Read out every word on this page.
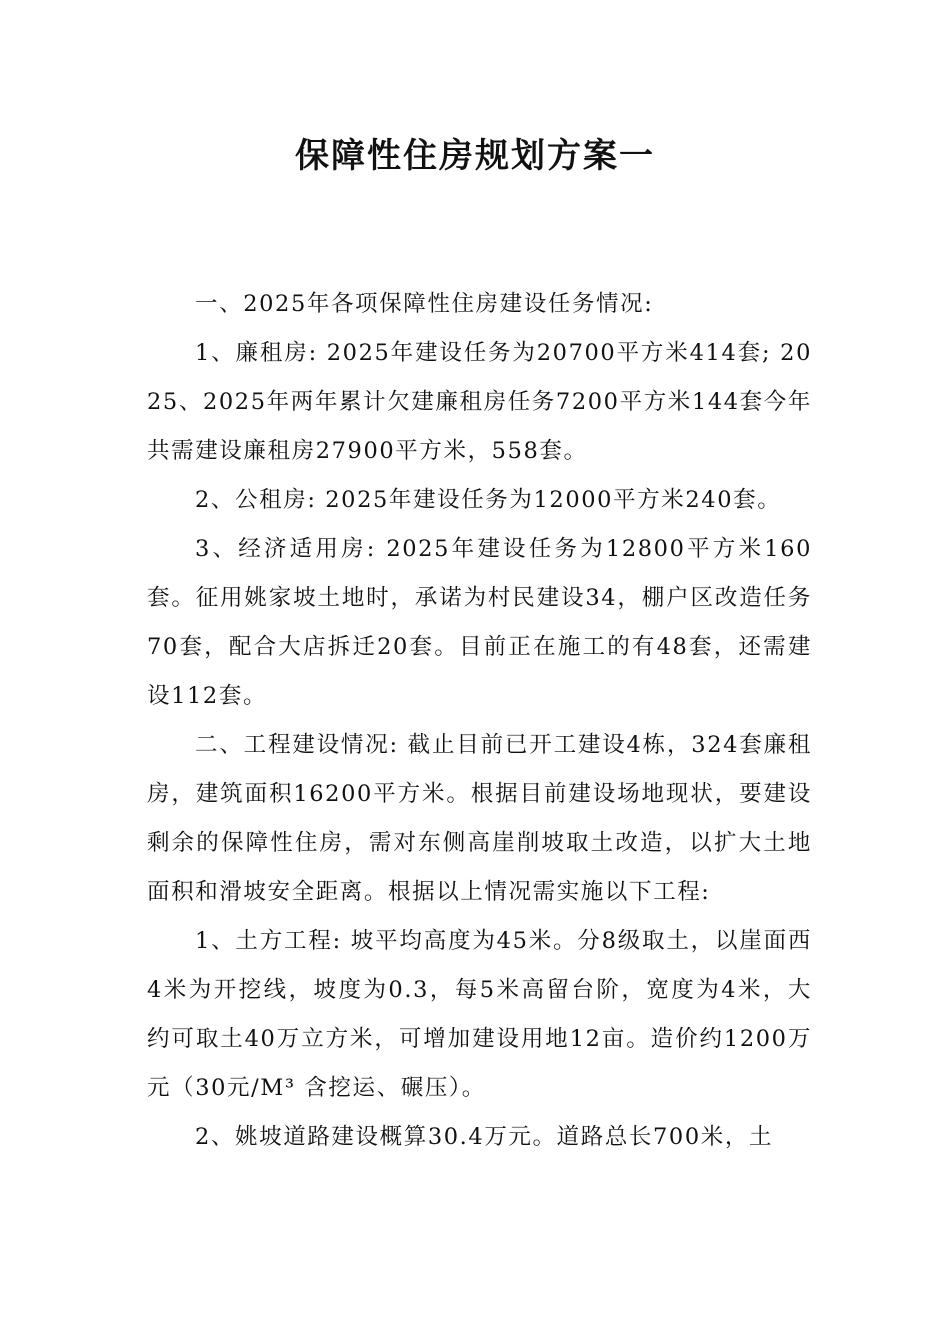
保障性住房规划方案一

一、2025年各项保障性住房建设任务情况:

1、廉租房: 2025年建设任务为20700平方米414套; 2025、2025年两年累计欠建廉租房任务7200平方米144套今年共需建设廉租房27900平方米，558套。

2、公租房: 2025年建设任务为12000平方米240套。

3、经济适用房: 2025年建设任务为12800平方米160套。征用姚家坡土地时，承诺为村民建设34，棚户区改造任务70套，配合大店拆迁20套。目前正在施工的有48套，还需建设112套。

二、工程建设情况: 截止目前已开工建设4栋，324套廉租房，建筑面积16200平方米。根据目前建设场地现状，要建设剩余的保障性住房，需对东侧高崖削坡取土改造，以扩大土地面积和滑坡安全距离。根据以上情况需实施以下工程:

1、土方工程: 坡平均高度为45米。分8级取土，以崖面西4米为开挖线，坡度为0.3，每5米高留台阶，宽度为4米，大约可取土40万立方米，可增加建设用地12亩。造价约1200万元（30元/M³ 含挖运、碾压）。

2、姚坡道路建设概算30.4万元。道路总长700米，土
